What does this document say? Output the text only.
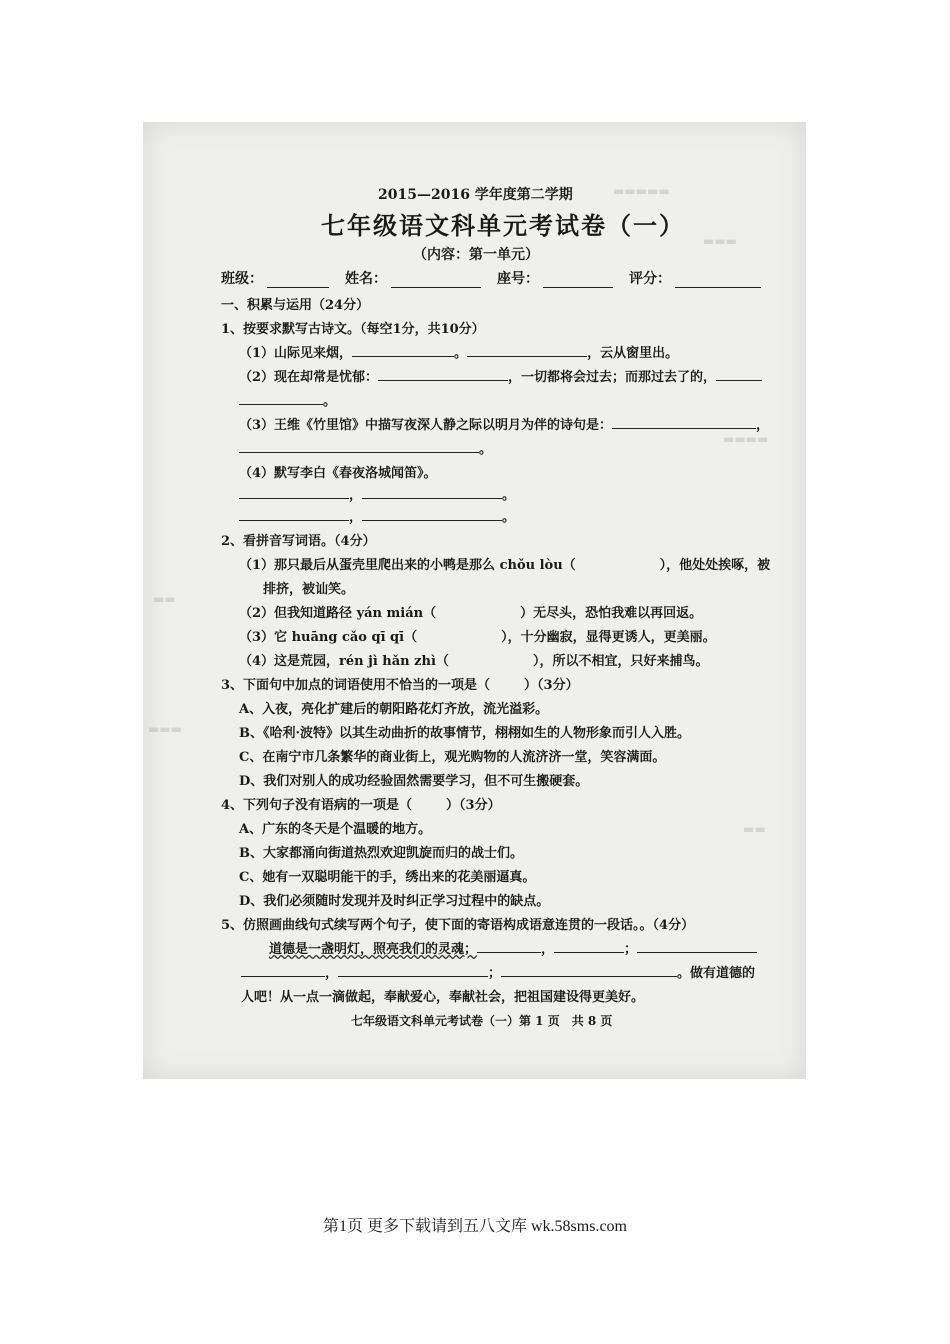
▬▬▬▬▬
▬▬▬
▬▬▬▬
▬▬
▬▬▬
▬▬
2015—2016 学年度第二学期
七年级语文科单元考试卷（一）
（内容：第一单元）
班级：	姓名：	座号：	评分：
一、积累与运用（24分）
1、按要求默写古诗文。（每空1分，共10分）
（1）山际见来烟，	。	，云从窗里出。
（2）现在却常是忧郁：	，一切都将会过去；而那过去了的，
。
（3）王维《竹里馆》中描写夜深人静之际以明月为伴的诗句是：	，
。
（4）默写李白《春夜洛城闻笛》。
，	。
，	。
2、看拼音写词语。（4分）
（1）那只最后从蛋壳里爬出来的小鸭是那么 chǒu lòu（	），他处处挨啄，被
排挤，被讪笑。
（2）但我知道路径 yán mián（	）无尽头，恐怕我难以再回返。
（3）它 huāng cǎo qī qī（	），十分幽寂，显得更诱人，更美丽。
（4）这是荒园，rén jì hǎn zhì（	），所以不相宜，只好来捕鸟。
3、下面句中加点的词语使用不恰当的一项是（	）（3分）
A、入夜，亮化扩建后的朝阳路花灯齐放，流光溢彩。
B、《哈利·波特》以其生动曲折的故事情节，栩栩如生的人物形象而引人入胜。
C、在南宁市几条繁华的商业街上，观光购物的人流济济一堂，笑容满面。
D、我们对别人的成功经验固然需要学习，但不可生搬硬套。
4、下列句子没有语病的一项是（	）（3分）
A、广东的冬天是个温暖的地方。
B、大家都涌向街道热烈欢迎凯旋而归的战士们。
C、她有一双聪明能干的手，绣出来的花美丽逼真。
D、我们必须随时发现并及时纠正学习过程中的缺点。
5、仿照画曲线句式续写两个句子，使下面的寄语构成语意连贯的一段话。。（4分）
道德是一盏明灯，照亮我们的灵魂；	，	；
，	；	。做有道德的
人吧！从一点一滴做起，奉献爱心，奉献社会，把祖国建设得更美好。
七年级语文科单元考试卷（一）第 1 页　共 8 页
第1页 更多下载请到五八文库 wk.58sms.com
